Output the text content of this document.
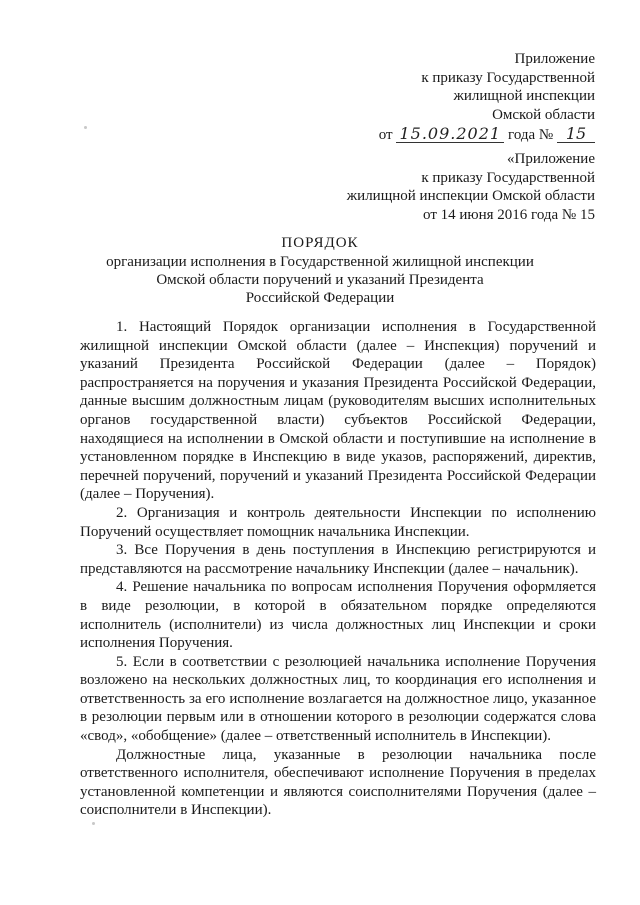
Приложение
к приказу Государственной
жилищной инспекции
Омской области
от 15.09.2021 года № 15
«Приложение
к приказу Государственной
жилищной инспекции Омской области
от 14 июня 2016 года № 15
ПОРЯДОК
организации исполнения в Государственной жилищной инспекции
Омской области поручений и указаний Президента
Российской Федерации

1. Настоящий Порядок организации исполнения в Государственной жилищной инспекции Омской области (далее – Инспекция) поручений и указаний Президента Российской Федерации (далее – Порядок) распространяется на поручения и указания Президента Российской Федерации, данные высшим должностным лицам (руководителям высших исполнительных органов государственной власти) субъектов Российской Федерации, находящиеся на исполнении в Омской области и поступившие на исполнение в установленном порядке в Инспекцию в виде указов, распоряжений, директив, перечней поручений, поручений и указаний Президента Российской Федерации (далее – Поручения).

2. Организация и контроль деятельности Инспекции по исполнению Поручений осуществляет помощник начальника Инспекции.

3. Все Поручения в день поступления в Инспекцию регистрируются и представляются на рассмотрение начальнику Инспекции (далее – начальник).

4. Решение начальника по вопросам исполнения Поручения оформляется в виде резолюции, в которой в обязательном порядке определяются исполнитель (исполнители) из числа должностных лиц Инспекции и сроки исполнения Поручения.

5. Если в соответствии с резолюцией начальника исполнение Поручения возложено на нескольких должностных лиц, то координация его исполнения и ответственность за его исполнение возлагается на должностное лицо, указанное в резолюции первым или в отношении которого в резолюции содержатся слова «свод», «обобщение» (далее – ответственный исполнитель в Инспекции).

Должностные лица, указанные в резолюции начальника после ответственного исполнителя, обеспечивают исполнение Поручения в пределах установленной компетенции и являются соисполнителями Поручения (далее – соисполнители в Инспекции).
